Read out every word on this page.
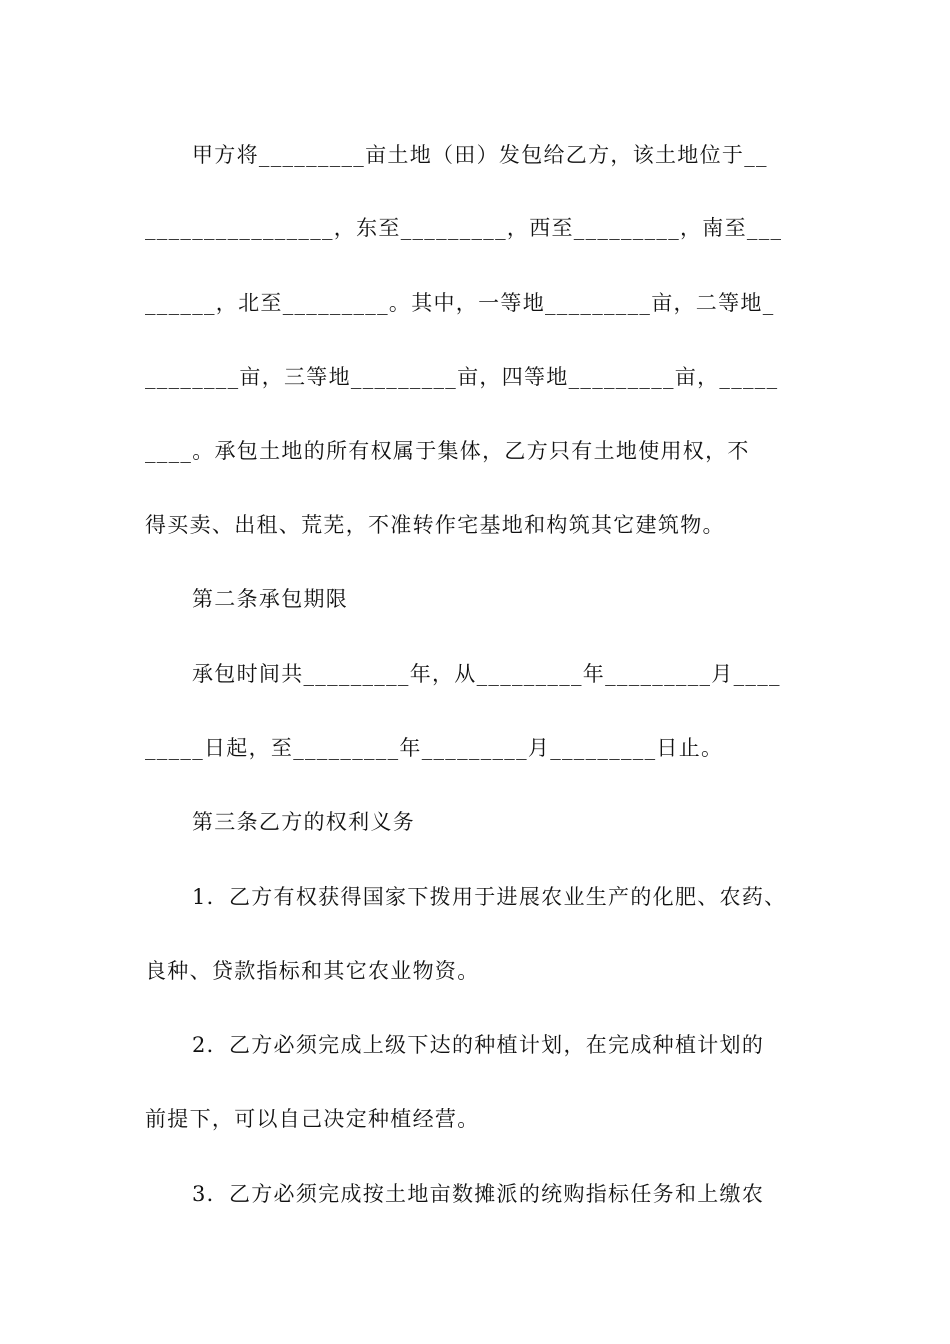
甲方将_________亩土地（田）发包给乙方，该土地位于__
________________，东至_________，西至_________，南至___
______，北至_________。其中，一等地_________亩，二等地_
________亩，三等地_________亩，四等地_________亩，_____
____。承包土地的所有权属于集体，乙方只有土地使用权，不
得买卖、出租、荒芜，不准转作宅基地和构筑其它建筑物。
第二条承包期限
承包时间共_________年，从_________年_________月____
_____日起，至_________年_________月_________日止。
第三条乙方的权利义务
1．乙方有权获得国家下拨用于进展农业生产的化肥、农药、
良种、贷款指标和其它农业物资。
2．乙方必须完成上级下达的种植计划，在完成种植计划的
前提下，可以自己决定种植经营。
3．乙方必须完成按土地亩数摊派的统购指标任务和上缴农
